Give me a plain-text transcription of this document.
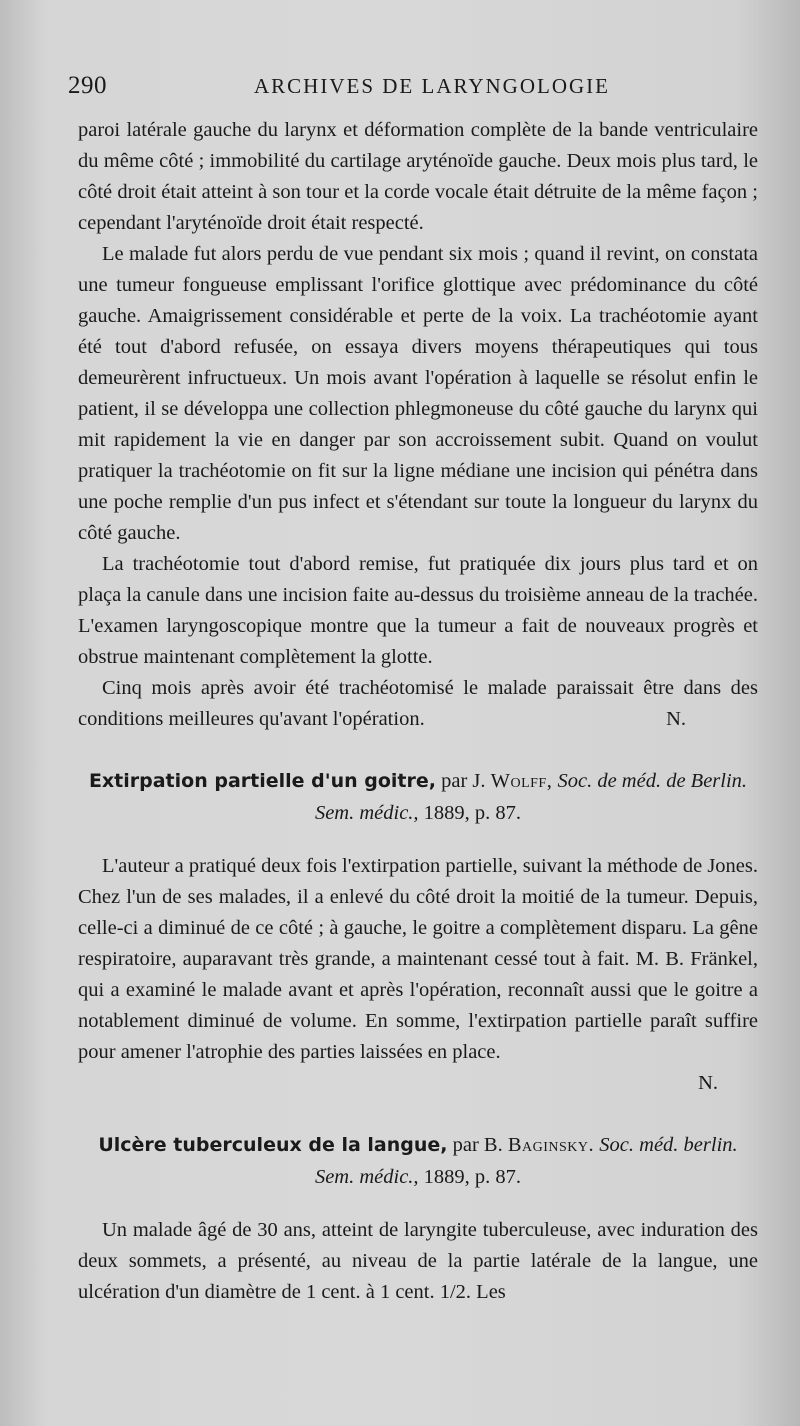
290	ARCHIVES DE LARYNGOLOGIE

paroi latérale gauche du larynx et déformation complète de la bande ventriculaire du même côté ; immobilité du cartilage aryténoïde gauche. Deux mois plus tard, le côté droit était atteint à son tour et la corde vocale était détruite de la même façon ; cependant l'aryténoïde droit était respecté.

Le malade fut alors perdu de vue pendant six mois ; quand il revint, on constata une tumeur fongueuse emplissant l'orifice glottique avec prédominance du côté gauche. Amaigrissement considérable et perte de la voix. La trachéotomie ayant été tout d'abord refusée, on essaya divers moyens thérapeutiques qui tous demeurèrent infructueux. Un mois avant l'opération à laquelle se résolut enfin le patient, il se développa une collection phlegmoneuse du côté gauche du larynx qui mit rapidement la vie en danger par son accroissement subit. Quand on voulut pratiquer la trachéotomie on fit sur la ligne médiane une incision qui pénétra dans une poche remplie d'un pus infect et s'étendant sur toute la longueur du larynx du côté gauche.

La trachéotomie tout d'abord remise, fut pratiquée dix jours plus tard et on plaça la canule dans une incision faite au-dessus du troisième anneau de la trachée. L'examen laryngoscopique montre que la tumeur a fait de nouveaux progrès et obstrue maintenant complètement la glotte.

Cinq mois après avoir été trachéotomisé le malade paraissait être dans des conditions meilleures qu'avant l'opération.	N.

Extirpation partielle d'un goitre, par J. Wolff, Soc. de méd. de Berlin. Sem. médic., 1889, p. 87.

L'auteur a pratiqué deux fois l'extirpation partielle, suivant la méthode de Jones. Chez l'un de ses malades, il a enlevé du côté droit la moitié de la tumeur. Depuis, celle-ci a diminué de ce côté ; à gauche, le goitre a complètement disparu. La gêne respiratoire, auparavant très grande, a maintenant cessé tout à fait. M. B. Fränkel, qui a examiné le malade avant et après l'opération, reconnaît aussi que le goitre a notablement diminué de volume. En somme, l'extirpation partielle paraît suffire pour amener l'atrophie des parties laissées en place.

N.

Ulcère tuberculeux de la langue, par B. Baginsky. Soc. méd. berlin. Sem. médic., 1889, p. 87.

Un malade âgé de 30 ans, atteint de laryngite tuberculeuse, avec induration des deux sommets, a présenté, au niveau de la partie latérale de la langue, une ulcération d'un diamètre de 1 cent. à 1 cent. 1/2. Les
